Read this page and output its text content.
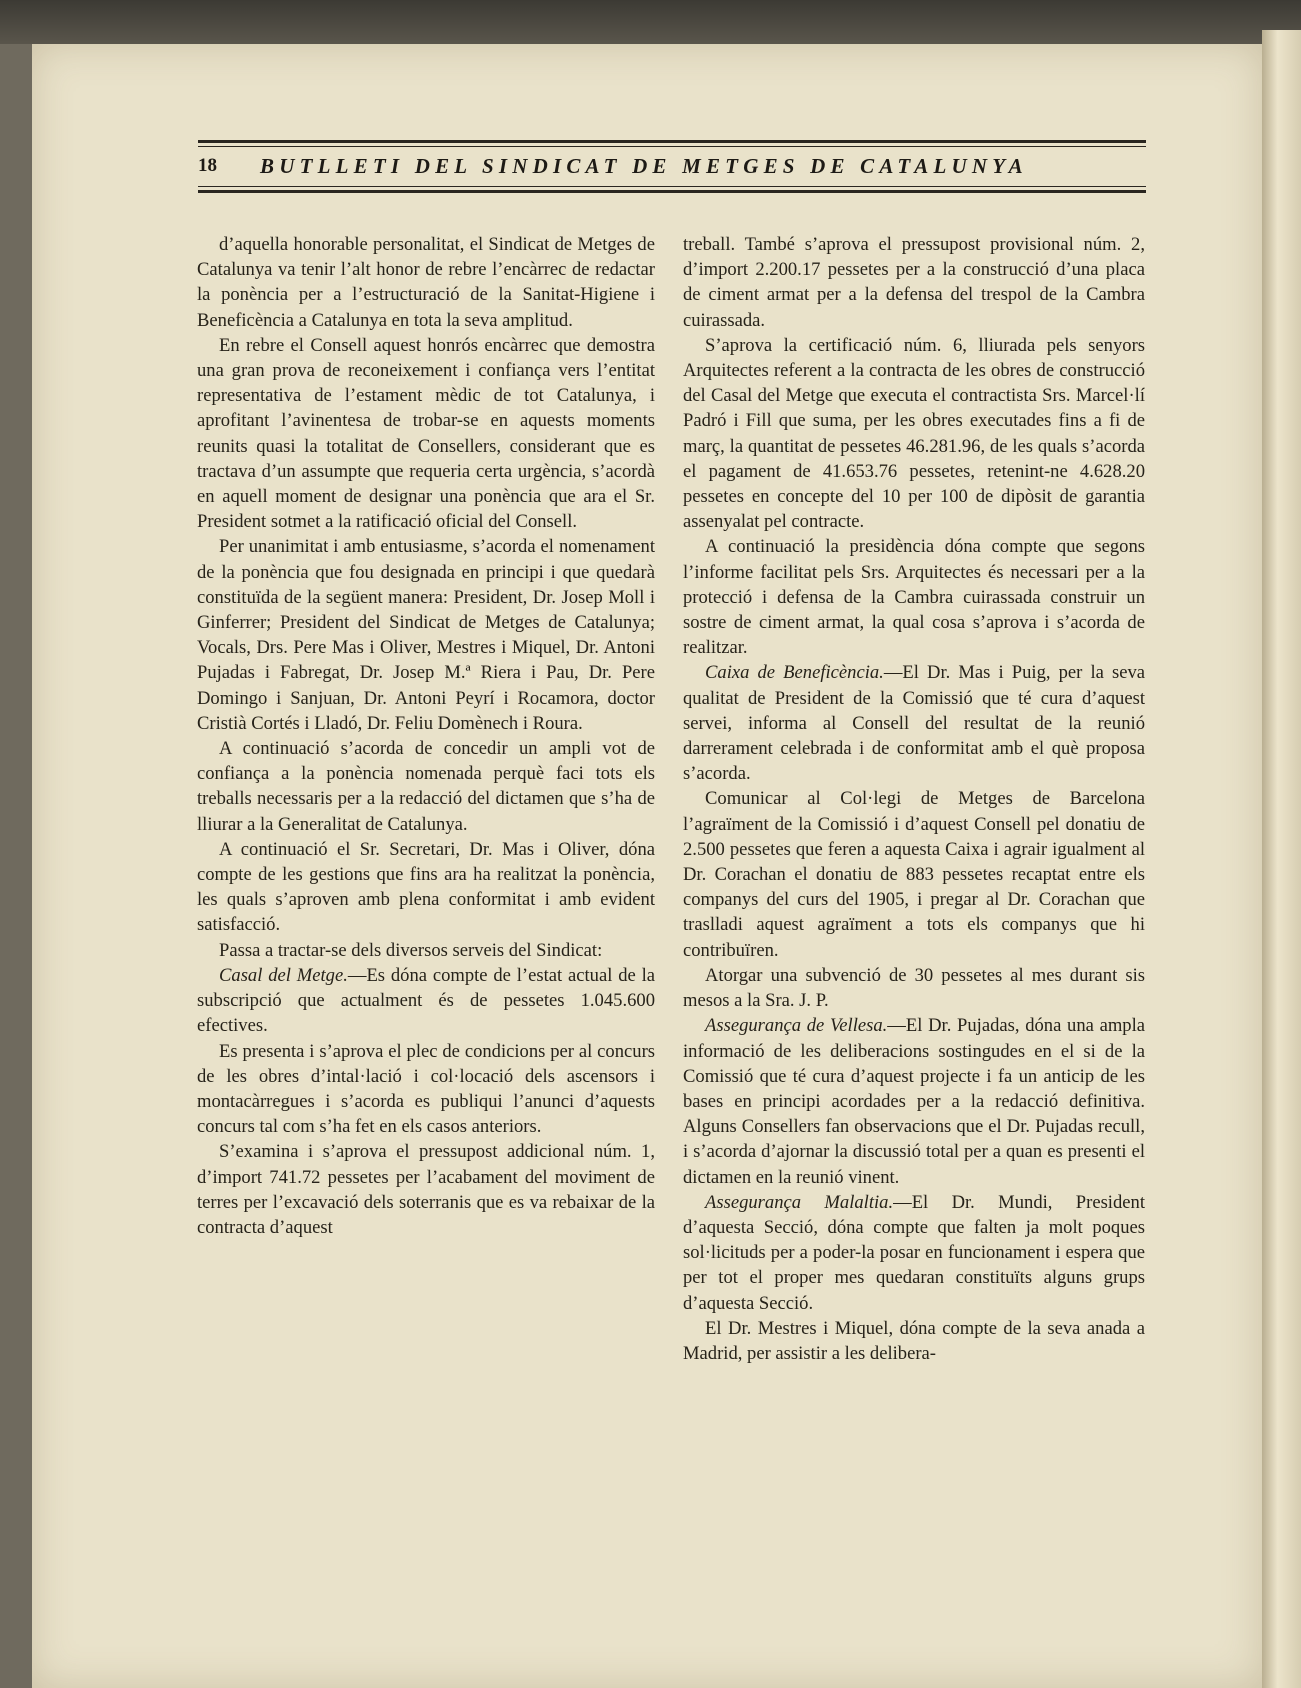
18 BUTLLETI DEL SINDICAT DE METGES DE CATALUNYA

d’aquella honorable personalitat, el Sindicat de Metges de Catalunya va tenir l’alt honor de rebre l’encàrrec de redactar la ponència per a l’estructuració de la Sanitat-Higiene i Beneficència a Catalunya en tota la seva amplitud.

En rebre el Consell aquest honrós encàrrec que demostra una gran prova de reconeixement i confiança vers l’entitat representativa de l’estament mèdic de tot Catalunya, i aprofitant l’avinentesa de trobar-se en aquests moments reunits quasi la totalitat de Consellers, considerant que es tractava d’un assumpte que requeria certa urgència, s’acordà en aquell moment de designar una ponència que ara el Sr. President sotmet a la ratificació oficial del Consell.

Per unanimitat i amb entusiasme, s’acorda el nomenament de la ponència que fou designada en principi i que quedarà constituïda de la següent manera: President, Dr. Josep Moll i Ginferrer; President del Sindicat de Metges de Catalunya; Vocals, Drs. Pere Mas i Oliver, Mestres i Miquel, Dr. Antoni Pujadas i Fabregat, Dr. Josep M.ª Riera i Pau, Dr. Pere Domingo i Sanjuan, Dr. Antoni Peyrí i Rocamora, doctor Cristià Cortés i Lladó, Dr. Feliu Domènech i Roura.

A continuació s’acorda de concedir un ampli vot de confiança a la ponència nomenada perquè faci tots els treballs necessaris per a la redacció del dictamen que s’ha de lliurar a la Generalitat de Catalunya.

A continuació el Sr. Secretari, Dr. Mas i Oliver, dóna compte de les gestions que fins ara ha realitzat la ponència, les quals s’aproven amb plena conformitat i amb evident satisfacció.

Passa a tractar-se dels diversos serveis del Sindicat:

Casal del Metge.—Es dóna compte de l’estat actual de la subscripció que actualment és de pessetes 1.045.600 efectives.

Es presenta i s’aprova el plec de condicions per al concurs de les obres d’intal·lació i col·locació dels ascensors i montacàrregues i s’acorda es publiqui l’anunci d’aquests concurs tal com s’ha fet en els casos anteriors.

S’examina i s’aprova el pressupost addicional núm. 1, d’import 741.72 pessetes per l’acabament del moviment de terres per l’excavació dels soterranis que es va rebaixar de la contracta d’aquest

treball. També s’aprova el pressupost provisional núm. 2, d’import 2.200.17 pessetes per a la construcció d’una placa de ciment armat per a la defensa del trespol de la Cambra cuirassada.

S’aprova la certificació núm. 6, lliurada pels senyors Arquitectes referent a la contracta de les obres de construcció del Casal del Metge que executa el contractista Srs. Marcel·lí Padró i Fill que suma, per les obres executades fins a fi de març, la quantitat de pessetes 46.281.96, de les quals s’acorda el pagament de 41.653.76 pessetes, retenint-ne 4.628.20 pessetes en concepte del 10 per 100 de dipòsit de garantia assenyalat pel contracte.

A continuació la presidència dóna compte que segons l’informe facilitat pels Srs. Arquitectes és necessari per a la protecció i defensa de la Cambra cuirassada construir un sostre de ciment armat, la qual cosa s’aprova i s’acorda de realitzar.

Caixa de Beneficència.—El Dr. Mas i Puig, per la seva qualitat de President de la Comissió que té cura d’aquest servei, informa al Consell del resultat de la reunió darrerament celebrada i de conformitat amb el què proposa s’acorda.

Comunicar al Col·legi de Metges de Barcelona l’agraïment de la Comissió i d’aquest Consell pel donatiu de 2.500 pessetes que feren a aquesta Caixa i agrair igualment al Dr. Corachan el donatiu de 883 pessetes recaptat entre els companys del curs del 1905, i pregar al Dr. Corachan que traslladi aquest agraïment a tots els companys que hi contribuïren.

Atorgar una subvenció de 30 pessetes al mes durant sis mesos a la Sra. J. P.

Assegurança de Vellesa.—El Dr. Pujadas, dóna una ampla informació de les deliberacions sostingudes en el si de la Comissió que té cura d’aquest projecte i fa un anticip de les bases en principi acordades per a la redacció definitiva. Alguns Consellers fan observacions que el Dr. Pujadas recull, i s’acorda d’ajornar la discussió total per a quan es presenti el dictamen en la reunió vinent.

Assegurança Malaltia.—El Dr. Mundi, President d’aquesta Secció, dóna compte que falten ja molt poques sol·licituds per a poder-la posar en funcionament i espera que per tot el proper mes quedaran constituïts alguns grups d’aquesta Secció.

El Dr. Mestres i Miquel, dóna compte de la seva anada a Madrid, per assistir a les delibera-
